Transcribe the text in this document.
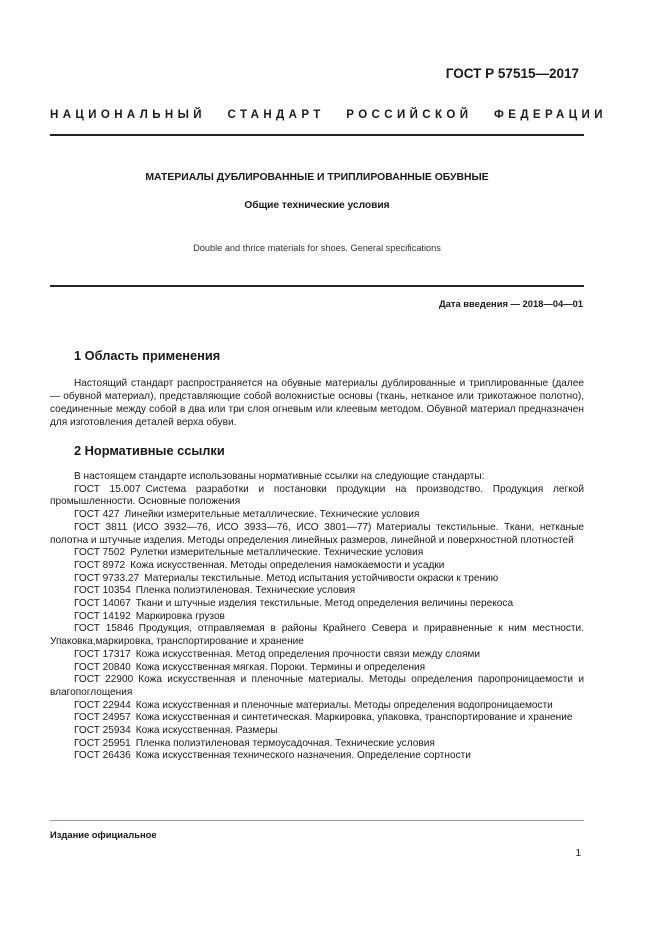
ГОСТ Р 57515—2017
НАЦИОНАЛЬНЫЙ СТАНДАРТ РОССИЙСКОЙ ФЕДЕРАЦИИ
МАТЕРИАЛЫ ДУБЛИРОВАННЫЕ И ТРИПЛИРОВАННЫЕ ОБУВНЫЕ
Общие технические условия
Double and thrice materials for shoes. General specifications
Дата введения — 2018—04—01
1 Область применения
Настоящий стандарт распространяется на обувные материалы дублированные и триплированные (далее — обувной материал), представляющие собой волокнистые основы (ткань, нетканое или трикотажное полотно), соединенные между собой в два или три слоя огневым или клеевым методом. Обувной материал предназначен для изготовления деталей верха обуви.
2 Нормативные ссылки
В настоящем стандарте использованы нормативные ссылки на следующие стандарты:
ГОСТ 15.007 Система разработки и постановки продукции на производство. Продукция легкой промышленности. Основные положения
ГОСТ 427 Линейки измерительные металлические. Технические условия
ГОСТ 3811 (ИСО 3932—76, ИСО 3933—76, ИСО 3801—77) Материалы текстильные. Ткани, нетканые полотна и штучные изделия. Методы определения линейных размеров, линейной и поверхностной плотностей
ГОСТ 7502 Рулетки измерительные металлические. Технические условия
ГОСТ 8972 Кожа искусственная. Методы определения намокаемости и усадки
ГОСТ 9733.27 Материалы текстильные. Метод испытания устойчивости окраски к трению
ГОСТ 10354 Пленка полиэтиленовая. Технические условия
ГОСТ 14067 Ткани и штучные изделия текстильные. Метод определения величины перекоса
ГОСТ 14192 Маркировка грузов
ГОСТ 15846 Продукция, отправляемая в районы Крайнего Севера и приравненные к ним местности. Упаковка,маркировка, транспортирование и хранение
ГОСТ 17317 Кожа искусственная. Метод определения прочности связи между слоями
ГОСТ 20840 Кожа искусственная мягкая. Пороки. Термины и определения
ГОСТ 22900 Кожа искусственная и пленочные материалы. Методы определения паропроницаемости и влагопоглощения
ГОСТ 22944 Кожа искусственная и пленочные материалы. Методы определения водопроницаемости
ГОСТ 24957 Кожа искусственная и синтетическая. Маркировка, упаковка, транспортирование и хранение
ГОСТ 25934 Кожа искусственная. Размеры
ГОСТ 25951 Пленка полиэтиленовая термоусадочная. Технические условия
ГОСТ 26436 Кожа искусственная технического назначения. Определение сортности
Издание официальное
1
